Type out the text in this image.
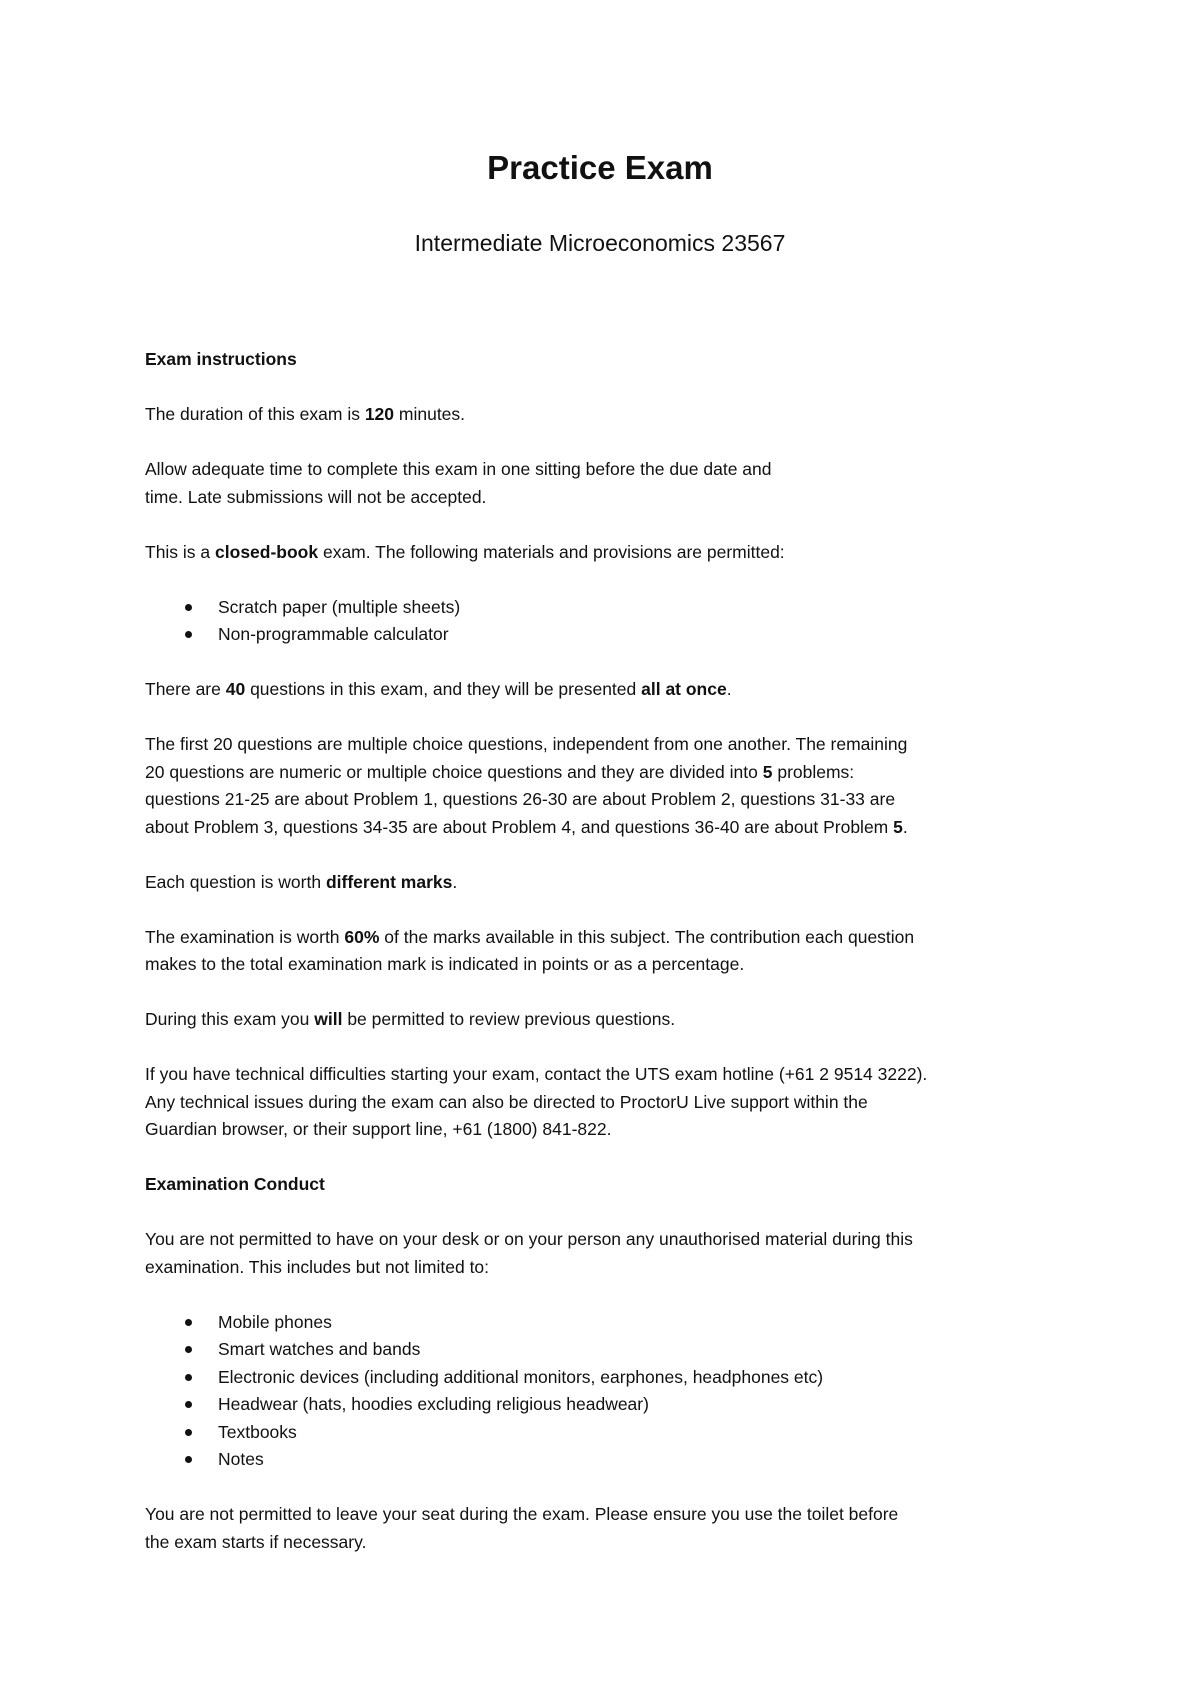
Practice Exam
Intermediate Microeconomics 23567
Exam instructions

The duration of this exam is 120 minutes.

Allow adequate time to complete this exam in one sitting before the due date and
time. Late submissions will not be accepted.

This is a closed-book exam. The following materials and provisions are permitted:

Scratch paper (multiple sheets)
Non-programmable calculator

There are 40 questions in this exam, and they will be presented all at once.

The first 20 questions are multiple choice questions, independent from one another. The remaining
20 questions are numeric or multiple choice questions and they are divided into 5 problems:
questions 21-25 are about Problem 1, questions 26-30 are about Problem 2, questions 31-33 are
about Problem 3, questions 34-35 are about Problem 4, and questions 36-40 are about Problem 5.

Each question is worth different marks.

The examination is worth 60% of the marks available in this subject. The contribution each question
makes to the total examination mark is indicated in points or as a percentage.

During this exam you will be permitted to review previous questions.

If you have technical difficulties starting your exam, contact the UTS exam hotline (+61 2 9514 3222).
Any technical issues during the exam can also be directed to ProctorU Live support within the
Guardian browser, or their support line, +61 (1800) 841-822.

Examination Conduct

You are not permitted to have on your desk or on your person any unauthorised material during this
examination. This includes but not limited to:

Mobile phones
Smart watches and bands
Electronic devices (including additional monitors, earphones, headphones etc)
Headwear (hats, hoodies excluding religious headwear)
Textbooks
Notes

You are not permitted to leave your seat during the exam. Please ensure you use the toilet before
the exam starts if necessary.
